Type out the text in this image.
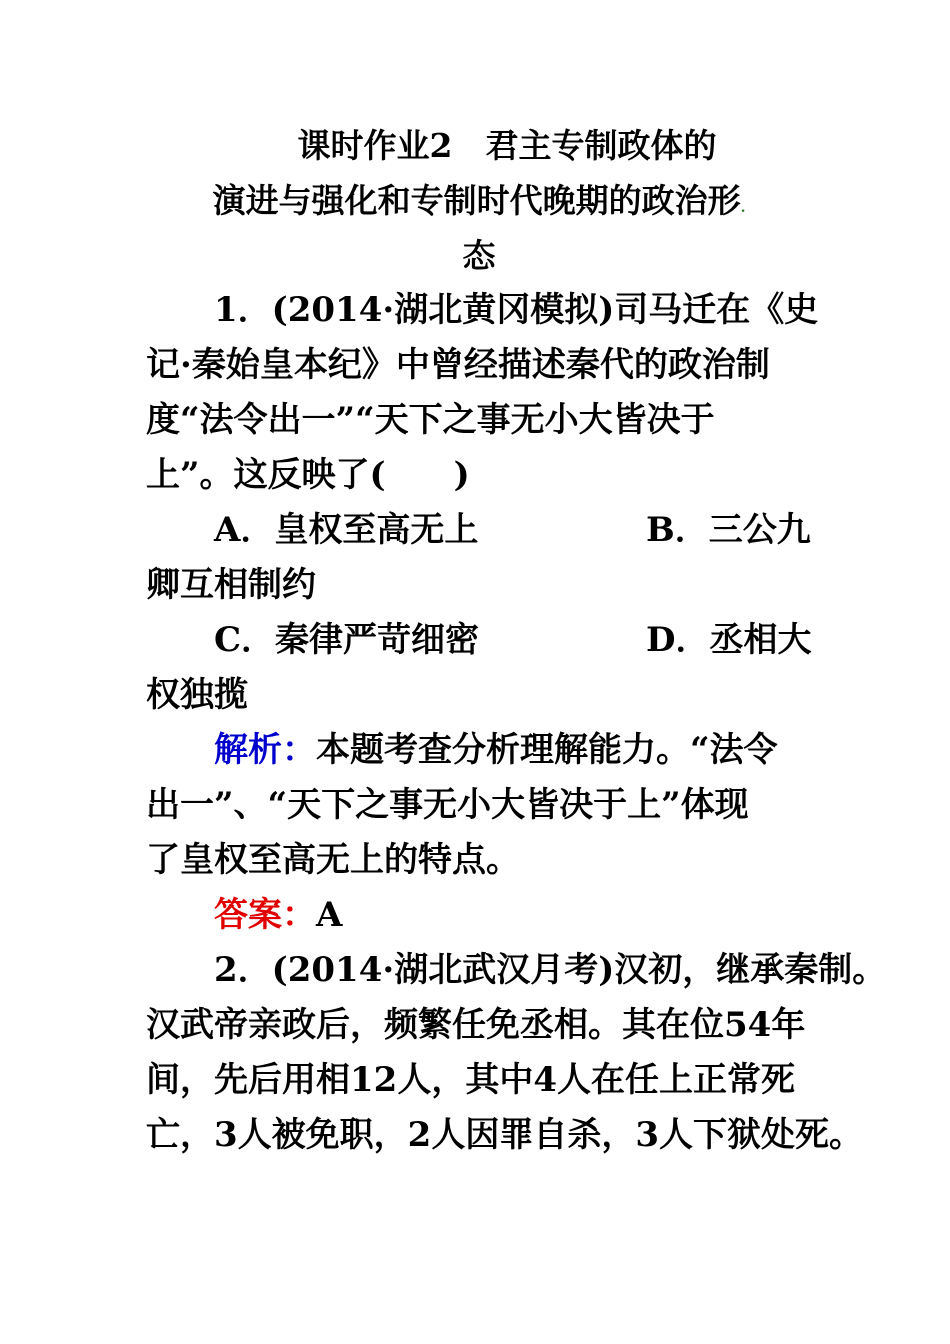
课时作业2　君主专制政体的
演进与强化和专制时代晚期的政治形.
态
1．(2014·湖北黄冈模拟)司马迁在《史
记·秦始皇本纪》中曾经描述秦代的政治制
度“法令出一”“天下之事无小大皆决于
上”。这反映了(　　)
A．皇权至高无上	B．三公九
卿互相制约
C．秦律严苛细密	D．丞相大
权独揽
解析：本题考查分析理解能力。“法令
出一”、“天下之事无小大皆决于上”体现
了皇权至高无上的特点。
答案：A
2．(2014·湖北武汉月考)汉初，继承秦制。
汉武帝亲政后，频繁任免丞相。其在位54年
间，先后用相12人，其中4人在任上正常死
亡，3人被免职，2人因罪自杀，3人下狱处死。
